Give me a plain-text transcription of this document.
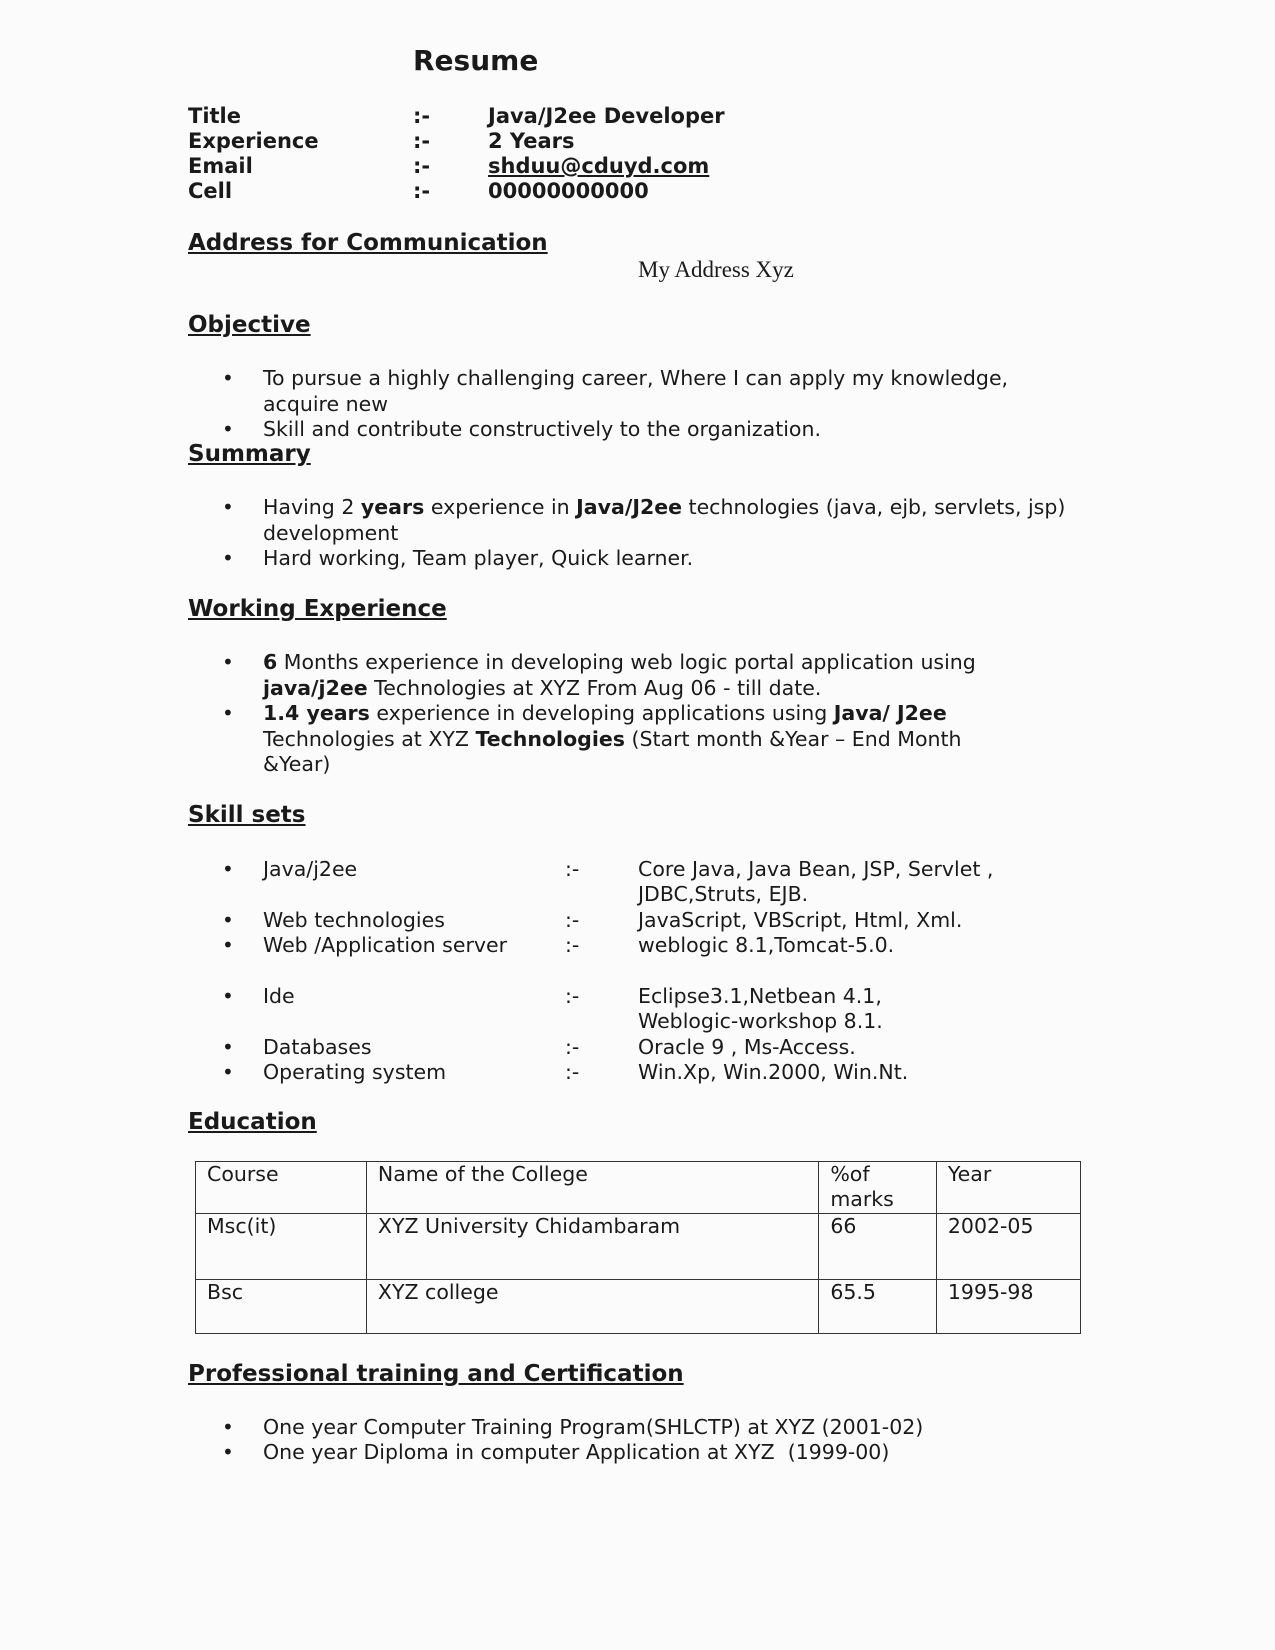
Resume
Title	:-	Java/J2ee Developer
Experience	:-	2 Years
Email	:-	shduu@cduyd.com
Cell	:-	00000000000
Address for Communication
My Address Xyz
Objective
• To pursue a highly challenging career, Where I can apply my knowledge, acquire new
• Skill and contribute constructively to the organization.
Summary
• Having 2 years experience in Java/J2ee technologies (java, ejb, servlets, jsp) development
• Hard working, Team player, Quick learner.
Working Experience
• 6 Months experience in developing web logic portal application using java/j2ee Technologies at XYZ From Aug 06 - till date.
• 1.4 years experience in developing applications using Java/ J2ee Technologies at XYZ Technologies (Start month &Year – End Month &Year)
Skill sets
• Java/j2ee	:-	Core Java, Java Bean, JSP, Servlet , JDBC,Struts, EJB.
• Web technologies	:-	JavaScript, VBScript, Html, Xml.
• Web /Application server	:-	weblogic 8.1,Tomcat-5.0.
• Ide	:-	Eclipse3.1,Netbean 4.1, Weblogic-workshop 8.1.
• Databases	:-	Oracle 9 , Ms-Access.
• Operating system	:-	Win.Xp, Win.2000, Win.Nt.
Education
Course	Name of the College	%of marks	Year
Msc(it)	XYZ University Chidambaram	66	2002-05
Bsc	XYZ college	65.5	1995-98
Professional training and Certification
• One year Computer Training Program(SHLCTP) at XYZ (2001-02)
• One year Diploma in computer Application at XYZ  (1999-00)
